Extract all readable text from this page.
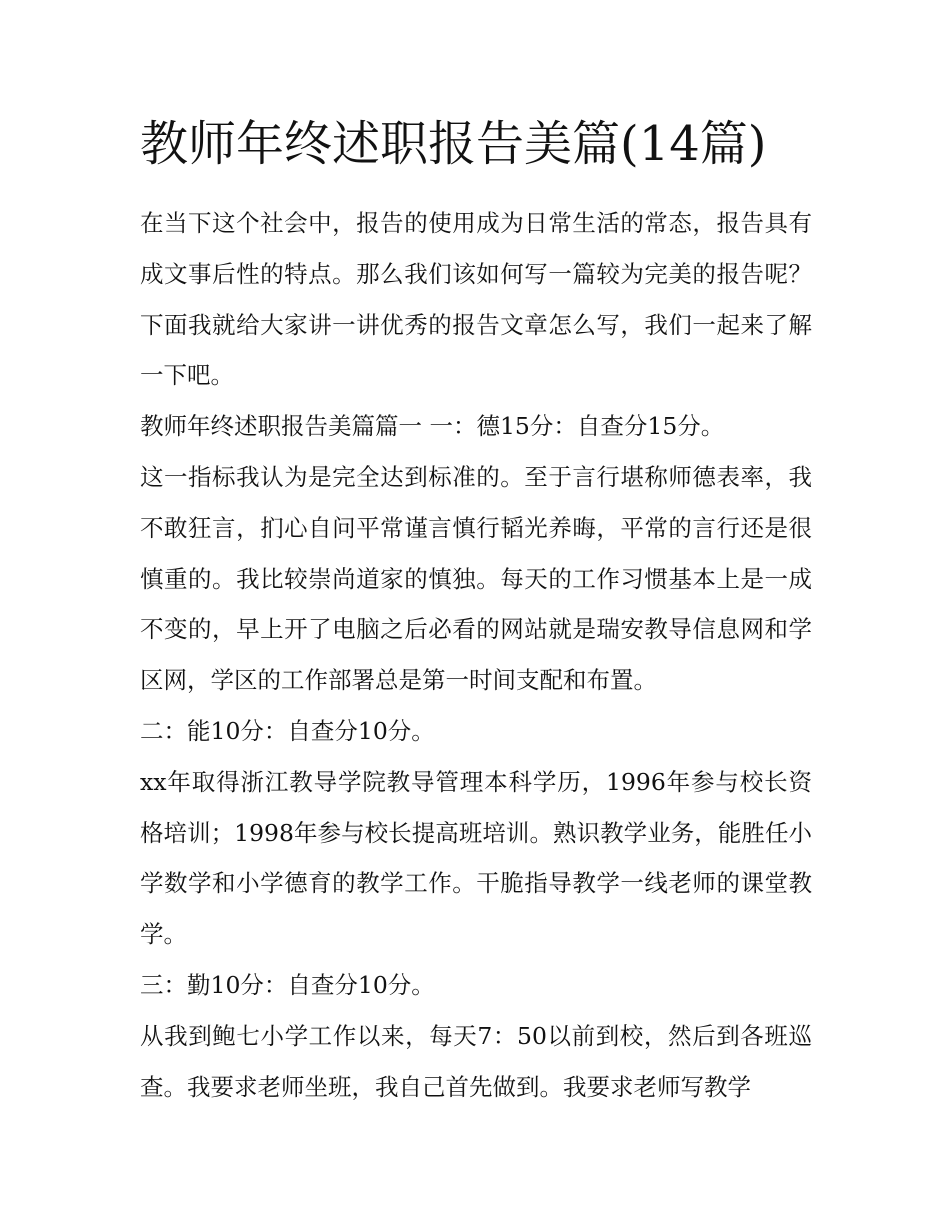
教师年终述职报告美篇(14篇)

在当下这个社会中，报告的使用成为日常生活的常态，报告具有成文事后性的特点。那么我们该如何写一篇较为完美的报告呢？下面我就给大家讲一讲优秀的报告文章怎么写，我们一起来了解一下吧。

教师年终述职报告美篇篇一 一：德15分：自查分15分。

这一指标我认为是完全达到标准的。至于言行堪称师德表率，我不敢狂言，扪心自问平常谨言慎行韬光养晦，平常的言行还是很慎重的。我比较崇尚道家的慎独。每天的工作习惯基本上是一成不变的，早上开了电脑之后必看的网站就是瑞安教导信息网和学区网，学区的工作部署总是第一时间支配和布置。

二：能10分：自查分10分。

xx年取得浙江教导学院教导管理本科学历，1996年参与校长资格培训；1998年参与校长提高班培训。熟识教学业务，能胜任小学数学和小学德育的教学工作。干脆指导教学一线老师的课堂教学。

三：勤10分：自查分10分。

从我到鲍七小学工作以来，每天7：50以前到校，然后到各班巡查。我要求老师坐班，我自己首先做到。我要求老师写教学
